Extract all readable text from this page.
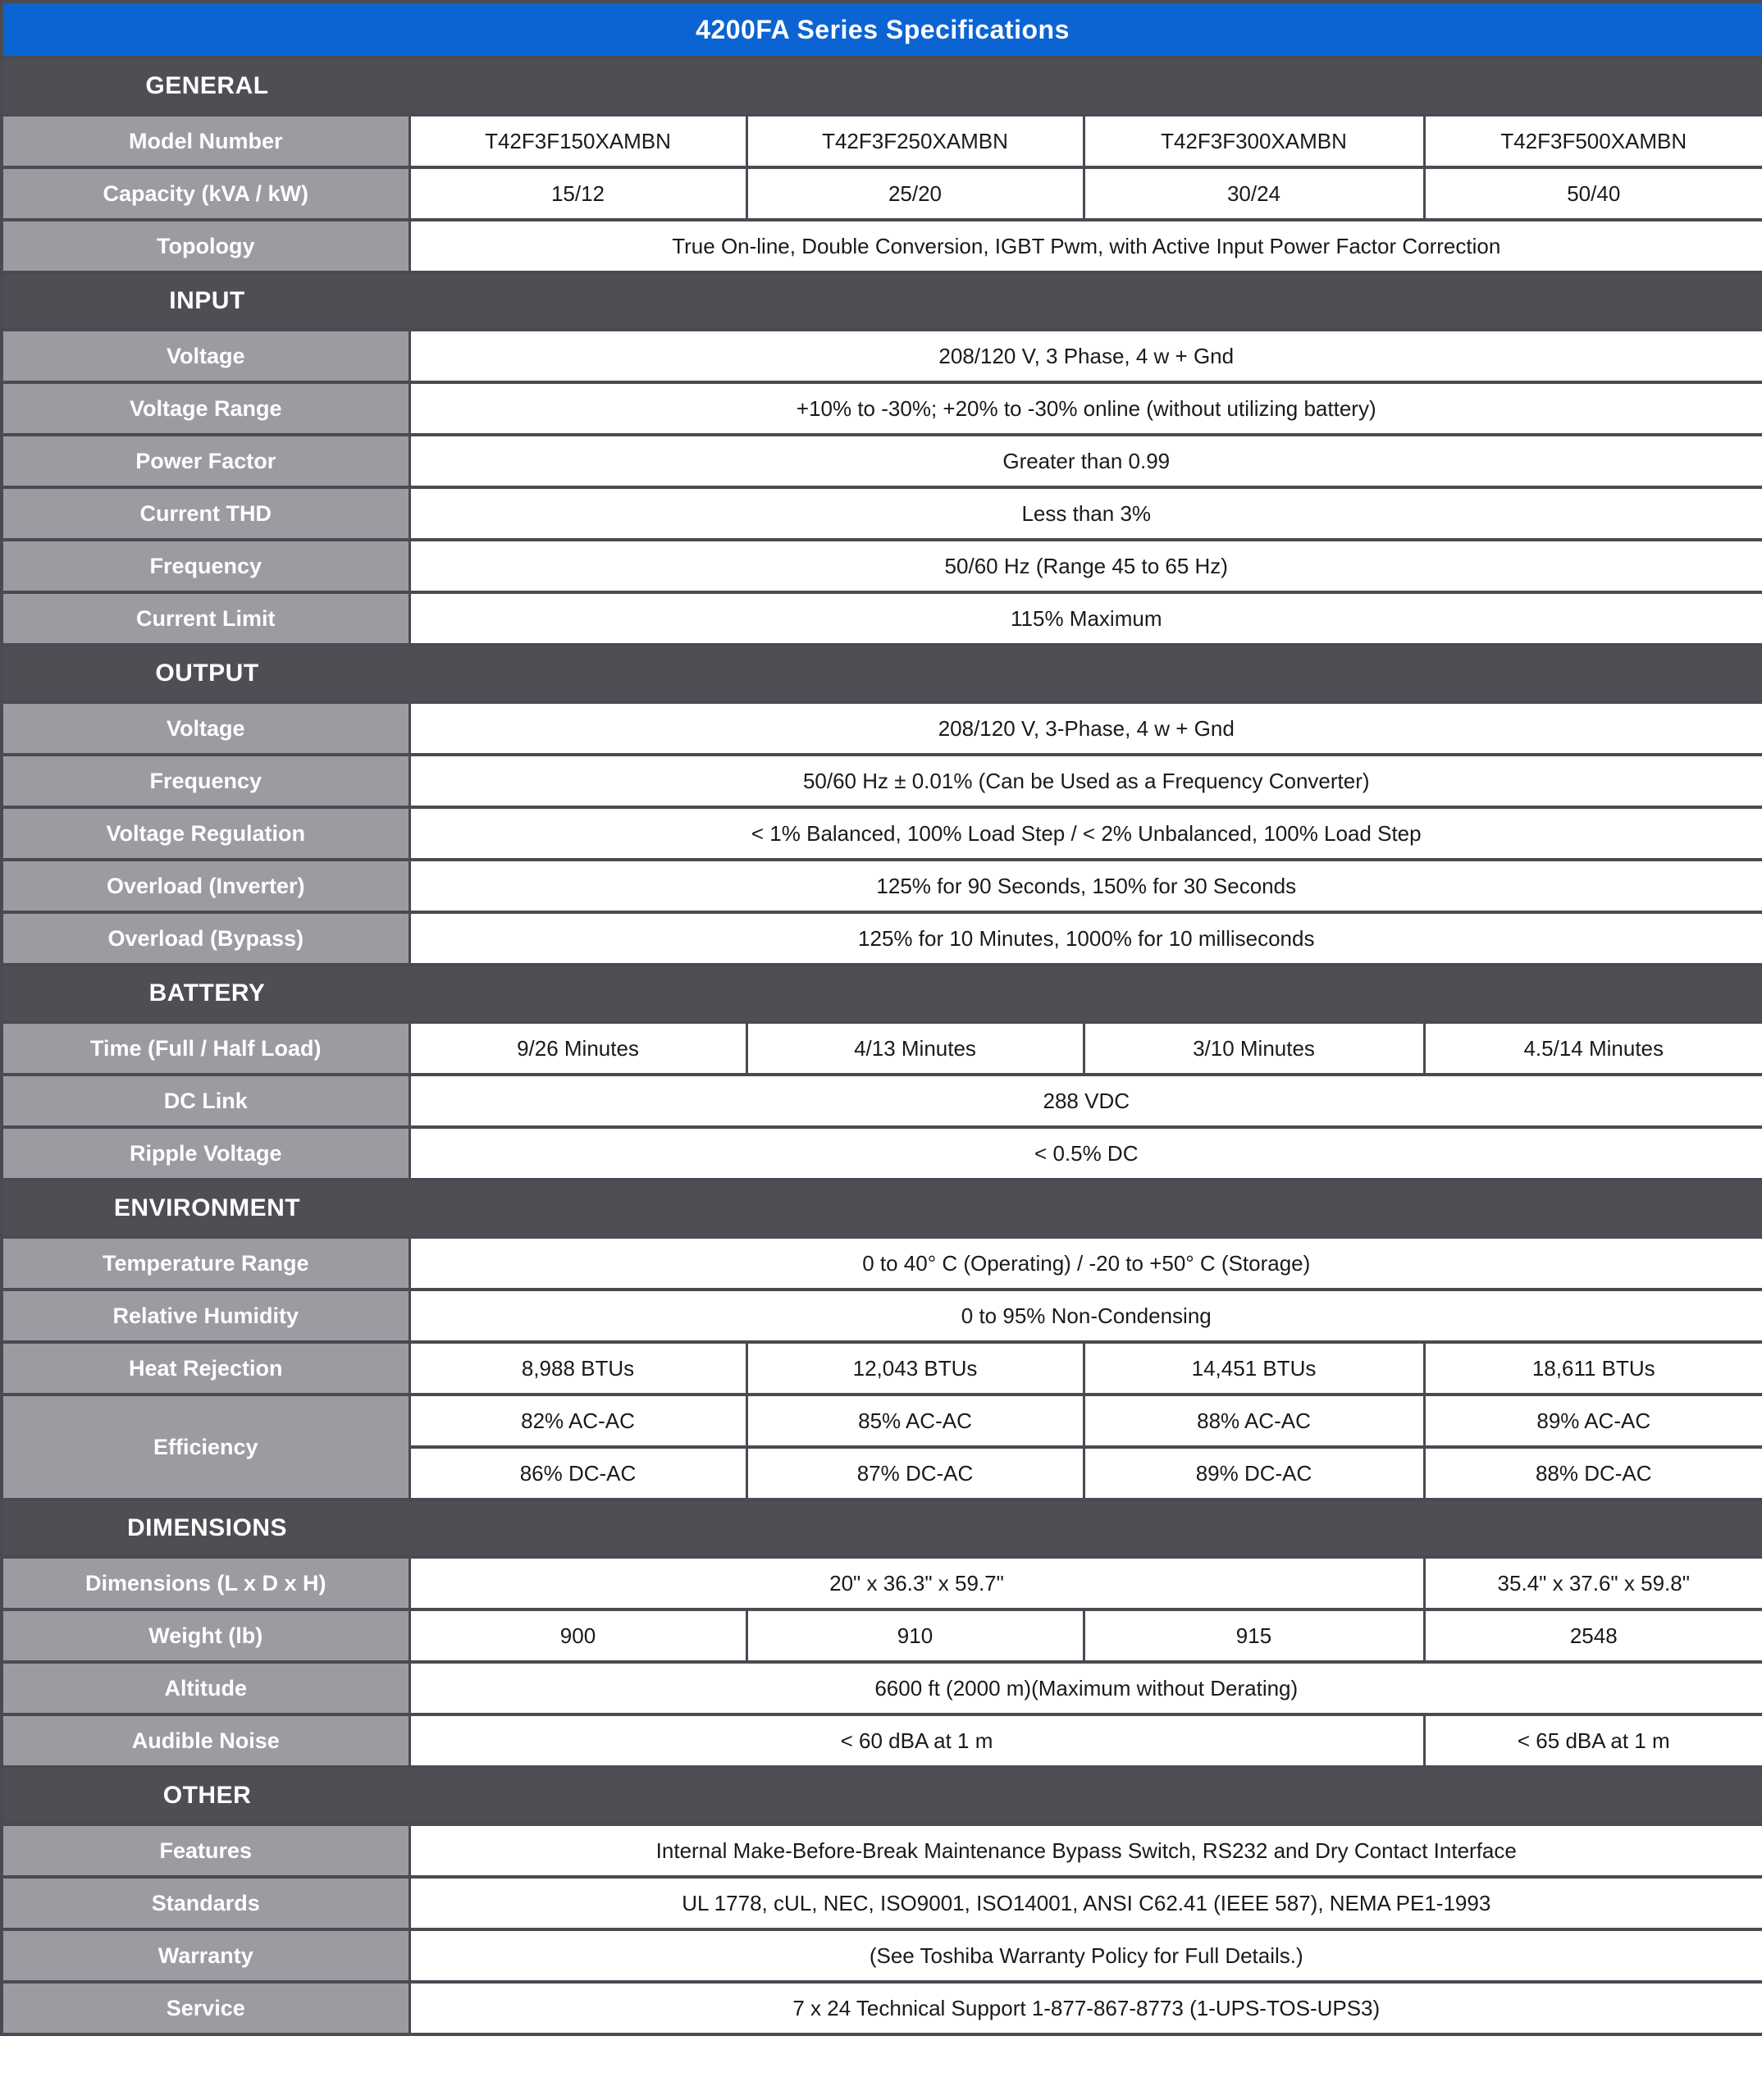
4200FA Series Specifications				

GENERAL				

Model Number	T42F3F150XAMBN	T42F3F250XAMBN	T42F3F300XAMBN	T42F3F500XAMBN
Capacity (kVA / kW)	15/12	25/20	30/24	50/40
Topology	True On-line, Double Conversion, IGBT Pwm, with Active Input Power Factor Correction			

INPUT				

Voltage	208/120 V, 3 Phase, 4 w + Gnd			
Voltage Range	+10% to -30%; +20% to -30% online (without utilizing battery)			
Power Factor	Greater than 0.99			
Current THD	Less than 3%			
Frequency	50/60 Hz (Range 45 to 65 Hz)			
Current Limit	115% Maximum			

OUTPUT				

Voltage	208/120 V, 3-Phase, 4 w + Gnd			
Frequency	50/60 Hz ± 0.01% (Can be Used as a Frequency Converter)			
Voltage Regulation	< 1% Balanced, 100% Load Step / < 2% Unbalanced, 100% Load Step			
Overload (Inverter)	125% for 90 Seconds, 150% for 30 Seconds			
Overload (Bypass)	125% for 10 Minutes, 1000% for 10 milliseconds			

BATTERY				

Time (Full / Half Load)	9/26 Minutes	4/13 Minutes	3/10 Minutes	4.5/14 Minutes
DC Link	288 VDC			
Ripple Voltage	< 0.5% DC			

ENVIRONMENT				

Temperature Range	0 to 40° C (Operating) / -20 to +50° C (Storage)			
Relative Humidity	0 to 95% Non-Condensing			
Heat Rejection	8,988 BTUs	12,043 BTUs	14,451 BTUs	18,611 BTUs
Efficiency	82% AC-AC	85% AC-AC	88% AC-AC	89% AC-AC
	86% DC-AC	87% DC-AC	89% DC-AC	88% DC-AC

DIMENSIONS				

Dimensions (L x D x H)	20" x 36.3" x 59.7"			35.4" x 37.6" x 59.8"
Weight (lb)	900	910	915	2548
Altitude	6600 ft (2000 m)(Maximum without Derating)			
Audible Noise	< 60 dBA at 1 m			< 65 dBA at 1 m

OTHER				

Features	Internal Make-Before-Break Maintenance Bypass Switch, RS232 and Dry Contact Interface			
Standards	UL 1778, cUL, NEC, ISO9001, ISO14001, ANSI C62.41 (IEEE 587), NEMA PE1-1993			
Warranty	(See Toshiba Warranty Policy for Full Details.)			
Service	7 x 24 Technical Support 1-877-867-8773 (1-UPS-TOS-UPS3)			
